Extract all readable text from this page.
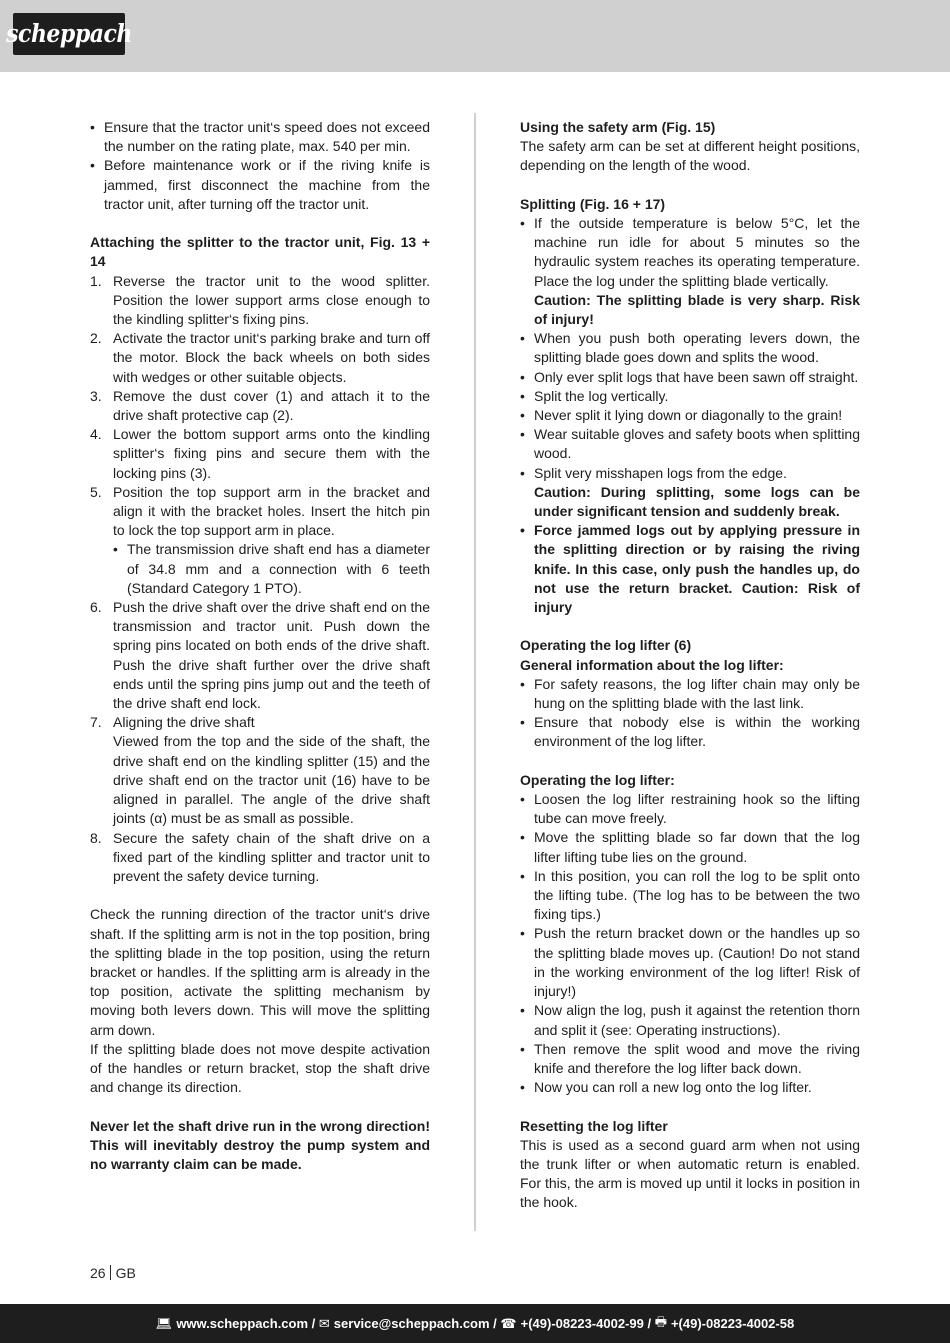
scheppach
• Ensure that the tractor unit‘s speed does not exceed the number on the rating plate, max. 540 per min.
• Before maintenance work or if the riving knife is jammed, first disconnect the machine from the tractor unit, after turning off the tractor unit.

Attaching the splitter to the tractor unit, Fig. 13 + 14

1. Reverse the tractor unit to the wood splitter. Position the lower support arms close enough to the kindling splitter‘s fixing pins.
2. Activate the tractor unit‘s parking brake and turn off the motor. Block the back wheels on both sides with wedges or other suitable objects.
3. Remove the dust cover (1) and attach it to the drive shaft protective cap (2).
4. Lower the bottom support arms onto the kindling splitter‘s fixing pins and secure them with the locking pins (3).
5. Position the top support arm in the bracket and align it with the bracket holes. Insert the hitch pin to lock the top support arm in place.
• The transmission drive shaft end has a diameter of 34.8 mm and a connection with 6 teeth (Standard Category 1 PTO).
6. Push the drive shaft over the drive shaft end on the transmission and tractor unit. Push down the spring pins located on both ends of the drive shaft. Push the drive shaft further over the drive shaft ends until the spring pins jump out and the teeth of the drive shaft end lock.
7. Aligning the drive shaft

Viewed from the top and the side of the shaft, the drive shaft end on the kindling splitter (15) and the drive shaft end on the tractor unit (16) have to be aligned in parallel. The angle of the drive shaft joints (α) must be as small as possible.

8. Secure the safety chain of the shaft drive on a fixed part of the kindling splitter and tractor unit to prevent the safety device turning.

Check the running direction of the tractor unit‘s drive shaft. If the splitting arm is not in the top position, bring the splitting blade in the top position, using the return bracket or handles. If the splitting arm is already in the top position, activate the splitting mechanism by moving both levers down. This will move the splitting arm down.

If the splitting blade does not move despite activation of the handles or return bracket, stop the shaft drive and change its direction.

Never let the shaft drive run in the wrong direction! This will inevitably destroy the pump system and no warranty claim can be made.

Using the safety arm (Fig. 15)

The safety arm can be set at different height positions, depending on the length of the wood.

Splitting (Fig. 16 + 17)

• If the outside temperature is below 5°C, let the machine run idle for about 5 minutes so the hydraulic system reaches its operating temperature. Place the log under the splitting blade vertically.
Caution: The splitting blade is very sharp. Risk of injury!
• When you push both operating levers down, the splitting blade goes down and splits the wood.
• Only ever split logs that have been sawn off straight.
• Split the log vertically.
• Never split it lying down or diagonally to the grain!
• Wear suitable gloves and safety boots when splitting wood.
• Split very misshapen logs from the edge.
Caution: During splitting, some logs can be under significant tension and suddenly break.
• Force jammed logs out by applying pressure in the splitting direction or by raising the riving knife. In this case, only push the handles up, do not use the return bracket. Caution: Risk of injury

Operating the log lifter (6)

General information about the log lifter:

• For safety reasons, the log lifter chain may only be hung on the splitting blade with the last link.
• Ensure that nobody else is within the working environment of the log lifter.

Operating the log lifter:

• Loosen the log lifter restraining hook so the lifting tube can move freely.
• Move the splitting blade so far down that the log lifter lifting tube lies on the ground.
• In this position, you can roll the log to be split onto the lifting tube. (The log has to be between the two fixing tips.)
• Push the return bracket down or the handles up so the splitting blade moves up. (Caution! Do not stand in the working environment of the log lifter! Risk of injury!)
• Now align the log, push it against the retention thorn and split it (see: Operating instructions).
• Then remove the split wood and move the riving knife and therefore the log lifter back down.
• Now you can roll a new log onto the log lifter.

Resetting the log lifter

This is used as a second guard arm when not using the trunk lifter or when automatic return is enabled. For this, the arm is moved up until it locks in position in the hook.

26 GB
💻︎ www.scheppach.com / ✉︎ service@scheppach.com / ☎︎ +(49)-08223-4002-99 / 🖶︎ +(49)-08223-4002-58
